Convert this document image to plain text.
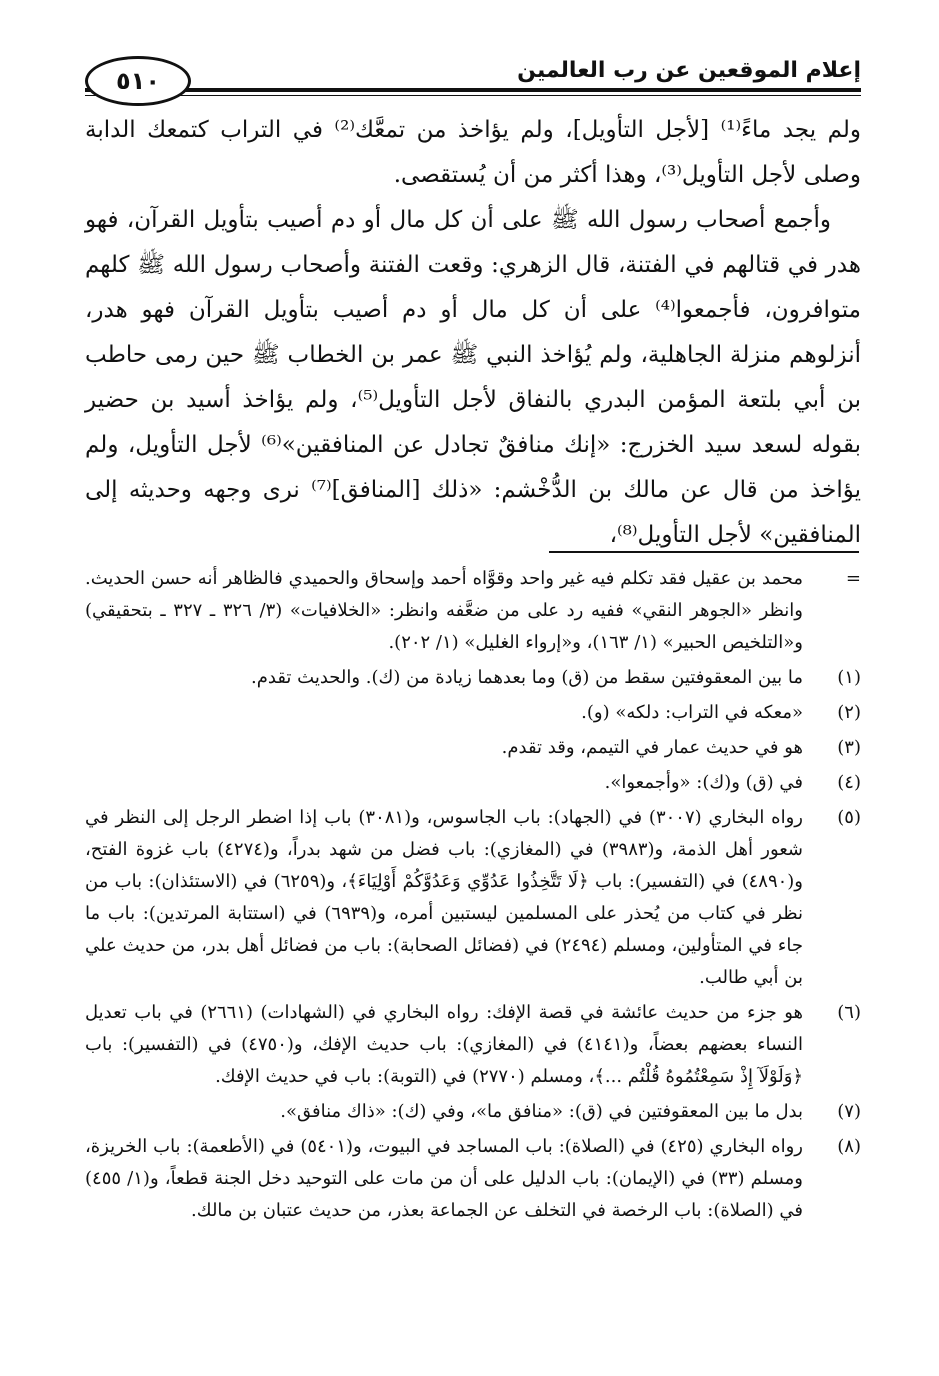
إعلام الموقعين عن رب العالمين
٥١٠

ولم يجد ماءً⁽¹⁾ [لأجل التأويل]، ولم يؤاخذ من تمعَّك⁽²⁾ في التراب كتمعك الدابة وصلى لأجل التأويل⁽³⁾، وهذا أكثر من أن يُستقصى.

وأجمع أصحاب رسول الله ﷺ على أن كل مال أو دم أصيب بتأويل القرآن، فهو هدر في قتالهم في الفتنة، قال الزهري: وقعت الفتنة وأصحاب رسول الله ﷺ كلهم متوافرون، فأجمعوا⁽⁴⁾ على أن كل مال أو دم أصيب بتأويل القرآن فهو هدر، أنزلوهم منزلة الجاهلية، ولم يُؤاخذ النبي ﷺ عمر بن الخطاب ﷺ حين رمى حاطب بن أبي بلتعة المؤمن البدري بالنفاق لأجل التأويل⁽⁵⁾، ولم يؤاخذ أسيد بن حضير بقوله لسعد سيد الخزرج: «إنك منافقٌ تجادل عن المنافقين»⁽⁶⁾ لأجل التأويل، ولم يؤاخذ من قال عن مالك بن الدُّخْشم: «ذلك [المنافق]⁽⁷⁾ نرى وجهه وحديثه إلى المنافقين» لأجل التأويل⁽⁸⁾،

=
محمد بن عقيل فقد تكلم فيه غير واحد وقوَّاه أحمد وإسحاق والحميدي فالظاهر أنه حسن الحديث. وانظر «الجوهر النقي» ففيه رد على من ضعَّفه وانظر: «الخلافيات» (٣/ ٣٢٦ ـ ٣٢٧ ـ بتحقيقي) و«التلخيص الحبير» (١/ ١٦٣)، و«إرواء الغليل» (١/ ٢٠٢).
(١)
ما بين المعقوفتين سقط من (ق) وما بعدهما زيادة من (ك). والحديث تقدم.
(٢)
«معكه في التراب: دلكه» (و).
(٣)
هو في حديث عمار في التيمم، وقد تقدم.
(٤)
في (ق) و(ك): «وأجمعوا».
(٥)
رواه البخاري (٣٠٠٧) في (الجهاد): باب الجاسوس، و(٣٠٨١) باب إذا اضطر الرجل إلى النظر في شعور أهل الذمة، و(٣٩٨٣) في (المغازي): باب فضل من شهد بدراً، و(٤٢٧٤) باب غزوة الفتح، و(٤٨٩٠) في (التفسير): باب ﴿لَا تَتَّخِذُوا عَدُوِّي وَعَدُوَّكُمْ أَوْلِيَاءَ﴾، و(٦٢٥٩) في (الاستئذان): باب من نظر في كتاب من يُحذر على المسلمين ليستبين أمره، و(٦٩٣٩) في (استتابة المرتدين): باب ما جاء في المتأولين، ومسلم (٢٤٩٤) في (فضائل الصحابة): باب من فضائل أهل بدر، من حديث علي بن أبي طالب.
(٦)
هو جزء من حديث عائشة في قصة الإفك: رواه البخاري في (الشهادات) (٢٦٦١) في باب تعديل النساء بعضهم بعضاً، و(٤١٤١) في (المغازي): باب حديث الإفك، و(٤٧٥٠) في (التفسير): باب ﴿وَلَوْلَآ إِذْ سَمِعْتُمُوهُ قُلْتُم ...﴾، ومسلم (٢٧٧٠) في (التوبة): باب في حديث الإفك.
(٧)
بدل ما بين المعقوفتين في (ق): «منافق ما»، وفي (ك): «ذاك منافق».
(٨)
رواه البخاري (٤٢٥) في (الصلاة): باب المساجد في البيوت، و(٥٤٠١) في (الأطعمة): باب الخريزة، ومسلم (٣٣) في (الإيمان): باب الدليل على أن من مات على التوحيد دخل الجنة قطعاً، و(١/ ٤٥٥) في (الصلاة): باب الرخصة في التخلف عن الجماعة بعذر، من حديث عتبان بن مالك.
